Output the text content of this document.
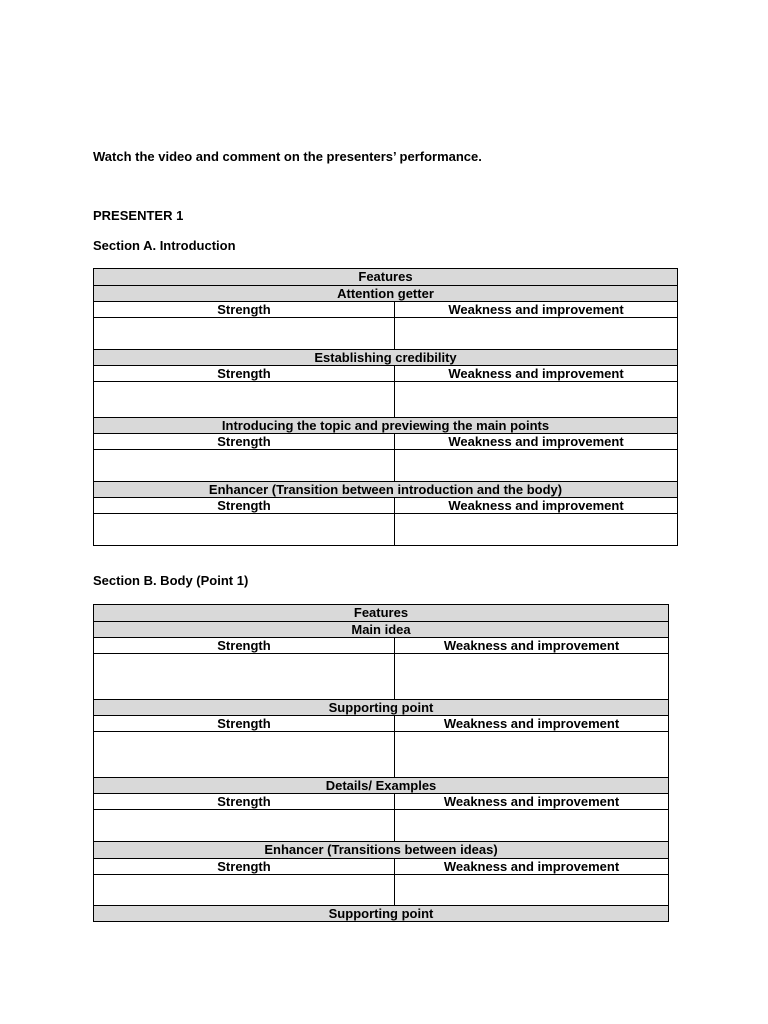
Watch the video and comment on the presenters’ performance.
PRESENTER 1
Section A. Introduction
Features	
Attention getter	
Strength	Weakness and improvement

Establishing credibility	
Strength	Weakness and improvement

Introducing the topic and previewing the main points	
Strength	Weakness and improvement

Enhancer (Transition between introduction and the body)	
Strength	Weakness and improvement

Section B. Body (Point 1)
Features	
Main idea	
Strength	Weakness and improvement

Supporting point	
Strength	Weakness and improvement

Details/ Examples	
Strength	Weakness and improvement

Enhancer (Transitions between ideas)	
Strength	Weakness and improvement

Supporting point	
